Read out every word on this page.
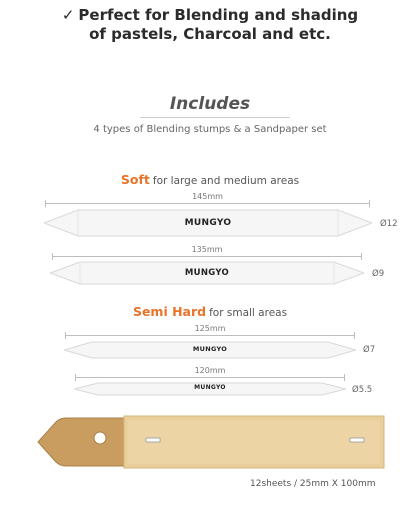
✓ Perfect for Blending and shading
of pastels, Charcoal and etc.
Includes
4 types of Blending stumps & a Sandpaper set
Soft for large and medium areas
145mm
MUNGYO	Ø12
135mm
MUNGYO	Ø9
Semi Hard for small areas
125mm
MUNGYO	Ø7
120mm
MUNGYO	Ø5.5
12sheets / 25mm X 100mm
